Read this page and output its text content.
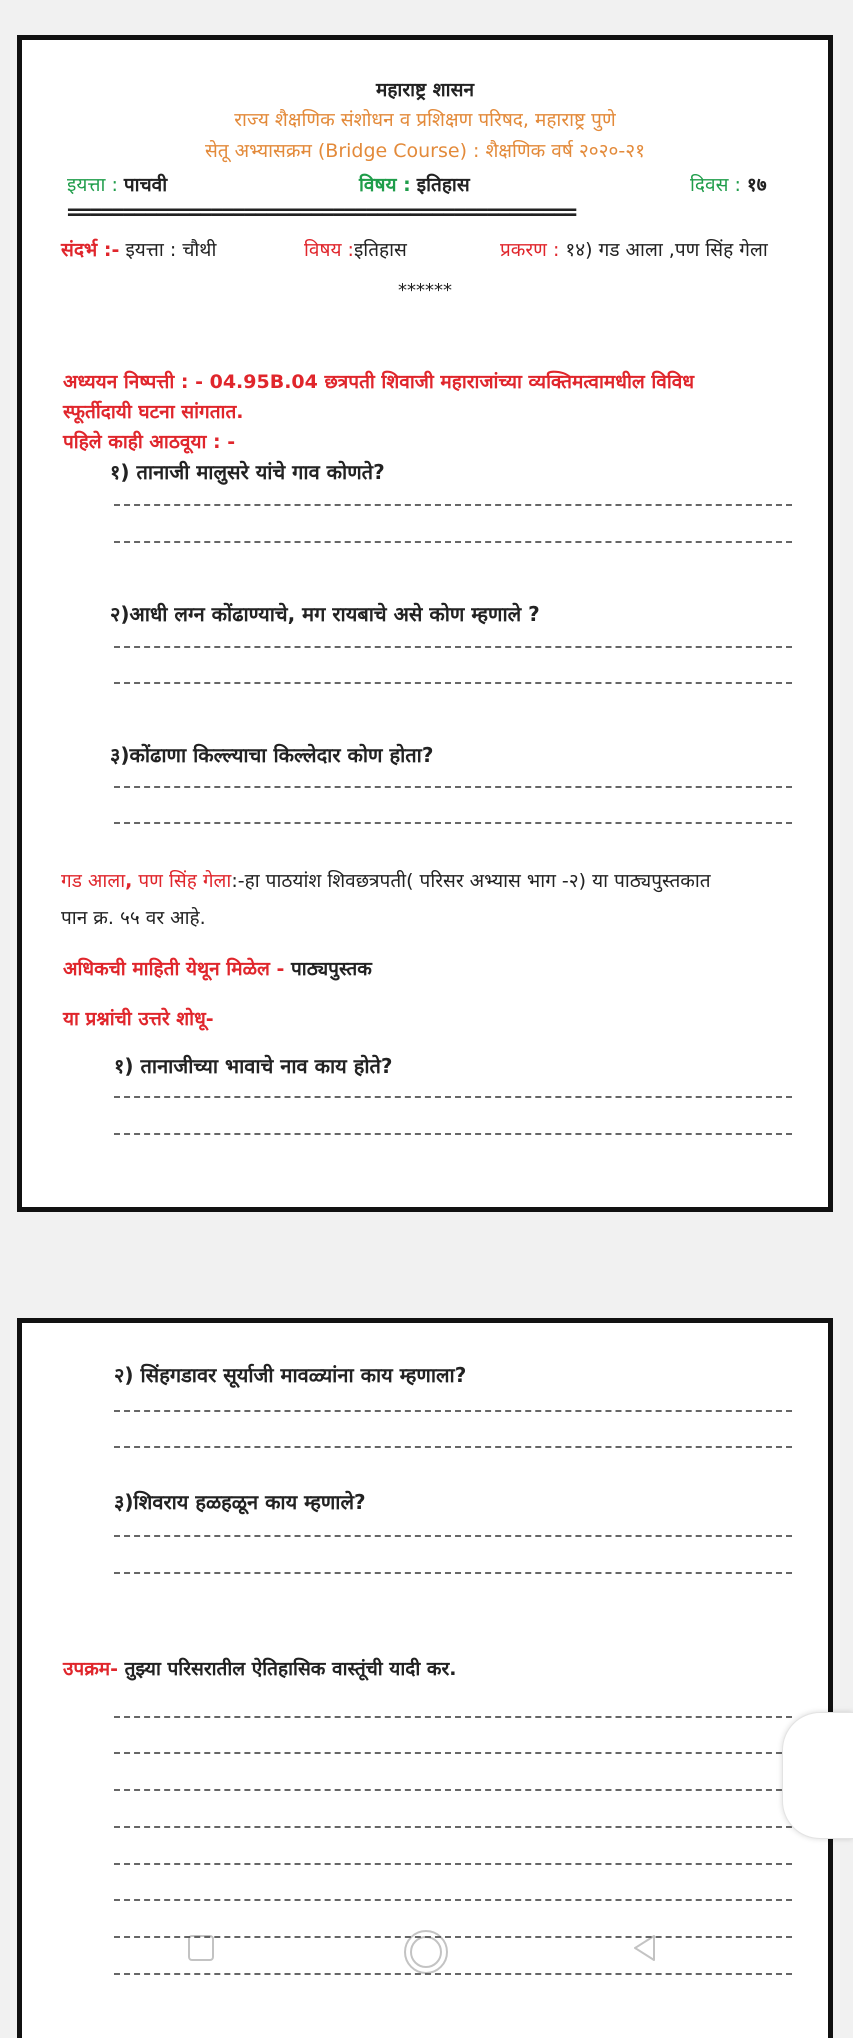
महाराष्ट्र शासन
राज्य शैक्षणिक संशोधन व प्रशिक्षण परिषद, महाराष्ट्र पुणे
सेतू अभ्यासक्रम (Bridge Course) : शैक्षणिक वर्ष २०२०-२१
इयत्ता : पाचवी	विषय : इतिहास	दिवस : १७
==============================================
संदर्भ :- इयत्ता : चौथी	विषय :इतिहास	प्रकरण : १४) गड आला ,पण सिंह गेला
******
अध्ययन निष्पत्ती : - 04.95B.04 छत्रपती शिवाजी महाराजांच्या व्यक्तिमत्वामधील विविध
स्फूर्तीदायी घटना सांगतात.
पहिले काही आठवूया : -
१) तानाजी मालुसरे यांचे गाव कोणते?
२)आधी लग्न कोंढाण्याचे, मग रायबाचे असे कोण म्हणाले ?
३)कोंढाणा किल्ल्याचा किल्लेदार कोण होता?
गड आला, पण सिंह गेला:-हा पाठयांश शिवछत्रपती( परिसर अभ्यास भाग -२) या पाठ्यपुस्तकात
पान क्र. ५५ वर आहे.
अधिकची माहिती येथून मिळेल - पाठ्यपुस्तक
या प्रश्नांची उत्तरे शोधू-
१) तानाजीच्या भावाचे नाव काय होते?
२) सिंहगडावर सूर्याजी मावळ्यांना काय म्हणाला?
३)शिवराय हळहळून काय म्हणाले?
उपक्रम- तुझ्या परिसरातील ऐतिहासिक वास्तूंची यादी कर.
